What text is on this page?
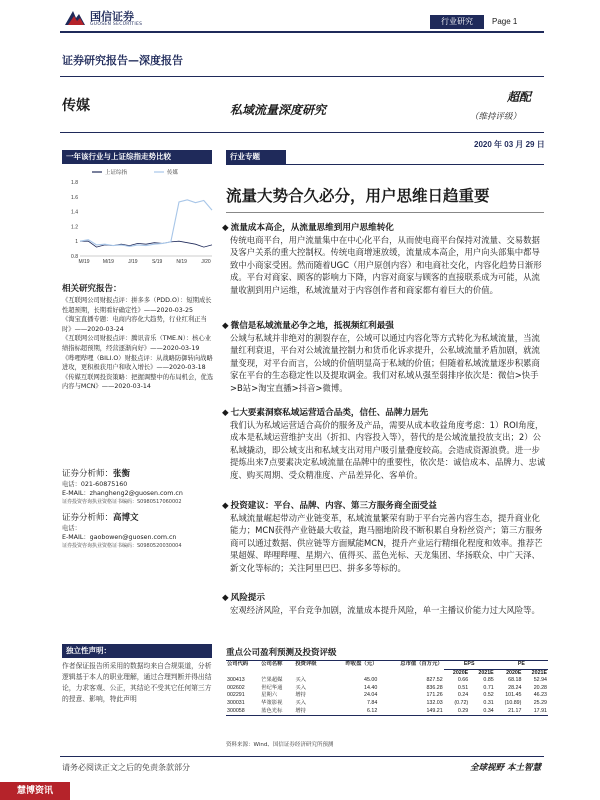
国信证券
GUOSEN SECURITIES	行业研究	Page 1
证券研究报告—深度报告
传媒	私域流量深度研究
超配
（维持评级）
2020 年 03 月 29 日
一年该行业与上证综指走势比较
1.8
1.6
1.4
1.2
1
0.8
M/19	M/19	J/19	S/19	N/19	J/20
上证综指	传媒
相关研究报告：
《互联网公司财报点评：拼多多（PDD.O）：短期成长性超预期，长期看好确定性》——2020-03-25
《淘宝直播专题：电商内容化大趋势，行业红利正当时》——2020-03-24
《互联网公司财报点评：腾讯音乐（TME.N）：核心业绩指标超预期，经营逐渐向好》——2020-03-19
《哔哩哔哩（BILI.O）财报点评：从战略防御转向战略进攻，更积极获用户和收入增长》——2020-03-18
《传媒互联网投资策略：把握调整中的布局机会，优选内容与MCN》——2020-03-14
证券分析师：张衡
电话：021-60875160
E-MAIL：zhangheng2@guosen.com.cn
证券投资咨询执业资格证书编码：S0980517060002
证券分析师：高博文
电话：
E-MAIL：gaobowen@guosen.com.cn
证券投资咨询执业资格证书编码：S0980520030004
独立性声明：
作者保证报告所采用的数据均来自合规渠道，分析逻辑基于本人的职业理解，通过合理判断并得出结论，力求客观、公正，其结论不受其它任何第三方的授意、影响，特此声明
行业专题
流量大势合久必分，用户思维日趋重要
◆ 流量成本高企，从流量思维到用户思维转化
传统电商平台，用户流量集中在中心化平台，从而使电商平台保持对流量、交易数据及客户关系的重大控制权。传统电商增速放缓，流量成本高企，用户向头部集中都导致中小商家受困。然而随着UGC（用户原创内容）和电商社交化，内容化趋势日渐形成。平台对商家、顾客的影响力下降，内容对商家与顾客的直接联系成为可能，从流量收割到用户运维，私域流量对于内容创作者和商家都有着巨大的价值。
◆ 微信是私域流量必争之地，抵视频红利最强
公域与私域并非绝对的割裂存在，公域可以通过内容化等方式转化为私域流量，当流量红利衰退，平台对公域流量控制力和货币化诉求提升，公私域流量矛盾加剧，就流量变现，对平台而言，公域的价值明显高于私域的价值；但随着私域流量逐步积累商家在平台的生态稳定性以及提取调金。我们对私域从强至弱排序依次是：微信>快手>B站>淘宝直播>抖音>微博。
◆ 七大要素洞察私域运营适合品类，信任、品牌力居先
我们认为私域运营适合高价的服务及产品，需要从成本收益角度考虑：1）ROI角度，成本是私域运营维护支出（折扣、内容投入等），替代的是公域流量投放支出；2）公私域撬动，即公域支出和私域支出对用户吸引量叠度较高。会造成资源浪费。进一步提炼出来7点要素决定私域流量在品牌中的重要性，依次是：诚信成本、品牌力、忠诚度、购买周期、受众精准度、产品差异化、客单价。
◆ 投资建议：平台、品牌、内容、第三方服务商全面受益
私域流量崛起带动产业链变革，私域流量繁荣有助于平台完善内容生态，提升商业化能力；MCN获得产业链最大收益，跑马圈地阶段不断积累自身粉丝资产；第三方服务商可以通过数据、供应链等方面赋能MCN，提升产业运行精细化程度和效率。推荐芒果超媒、哔哩哔哩、星期六、值得买、蓝色光标、天龙集团、华扬联众、中广天泽、新文化等标的；关注阿里巴巴、拼多多等标的。
◆ 风险提示
宏观经济风险，平台竞争加剧，流量成本提升风险，单一主播议价能力过大风险等。
重点公司盈利预测及投资评级
公司代码	公司名称	投资评级	昨收盘（元）	总市值（百万元）	EPS		PE	
					2020E	2021E	2020E	2021E
300413	芒果超媒	买入	45.00	827.52	0.66	0.85	68.18	52.94
002602	世纪华通	买入	14.40	836.28	0.51	0.71	28.24	20.28
002291	星期六	增持	24.04	171.26	0.24	0.52	101.45	46.23
300031	华策影视	买入	7.84	132.03	(0.72)	0.31	(10.89)	25.29
300058	蓝色光标	增持	6.12	149.21	0.29	0.34	21.17	17.91
资料来源：Wind、国信证券经济研究所预测
请务必阅读正文之后的免责条款部分	全球视野 本土智慧
慧博资讯
